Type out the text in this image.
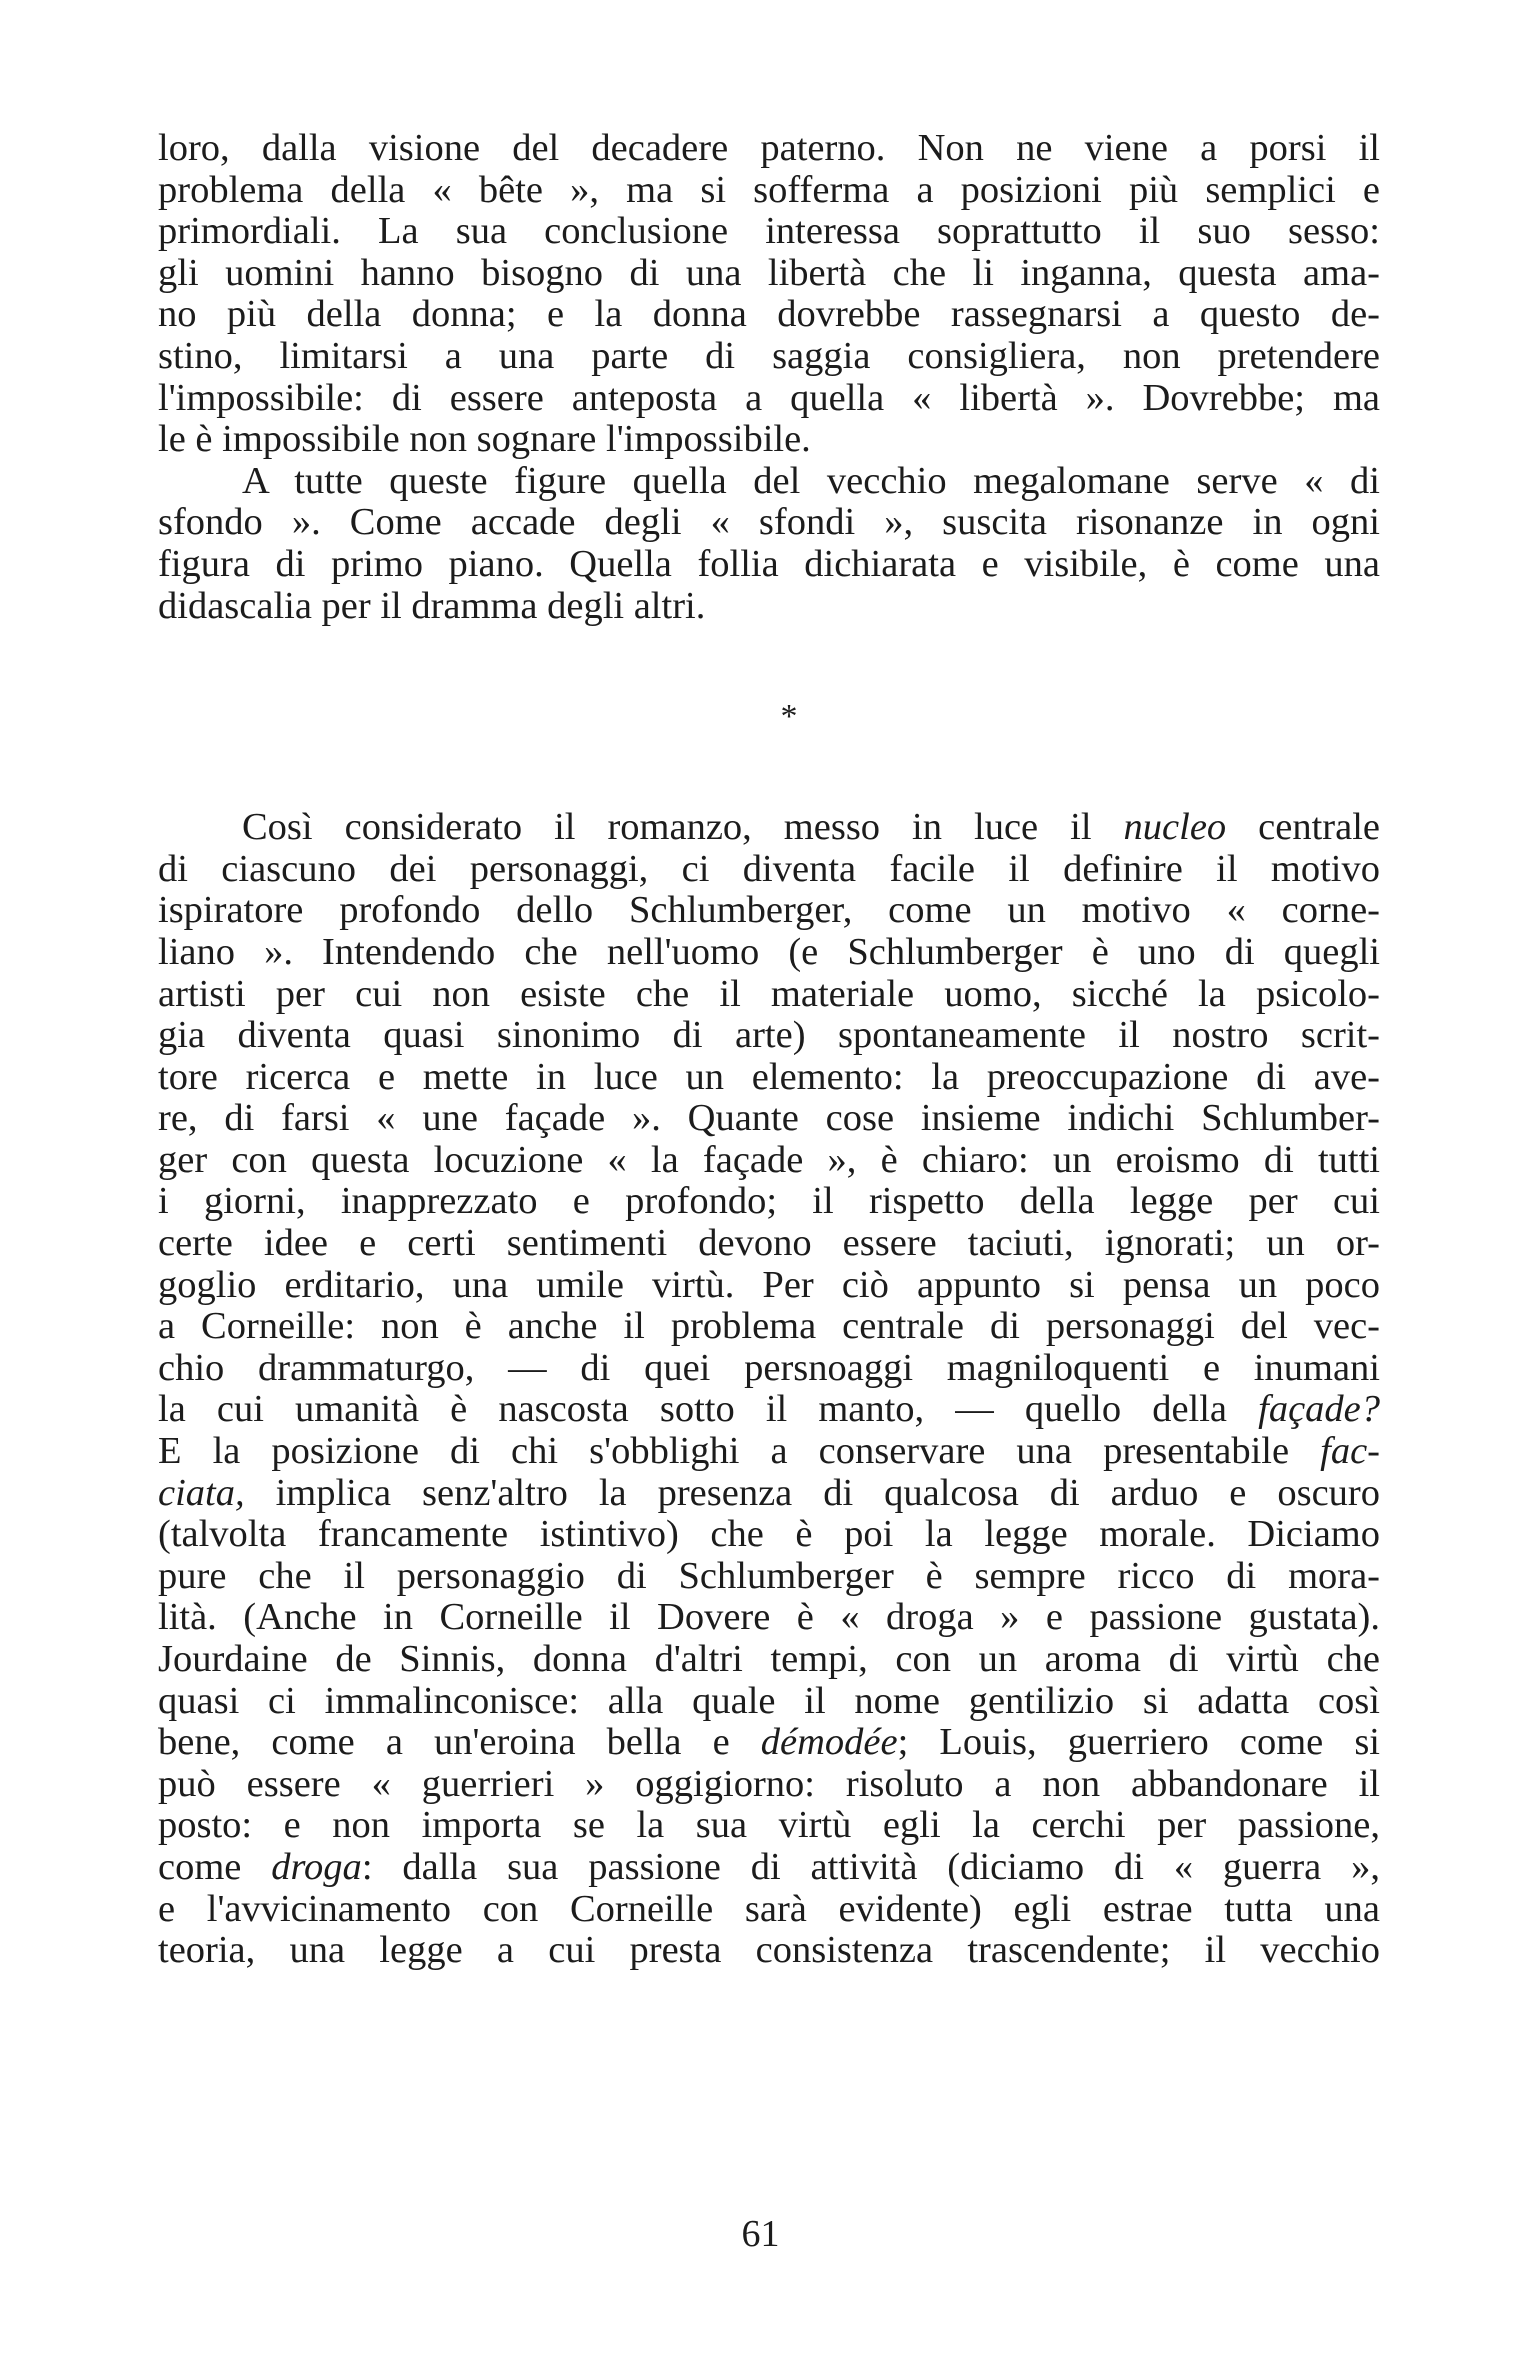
loro, dalla visione del decadere paterno. Non ne viene a porsi il
problema della « bête », ma si sofferma a posizioni più semplici e
primordiali. La sua conclusione interessa soprattutto il suo sesso:
gli uomini hanno bisogno di una libertà che li inganna, questa ama-
no più della donna; e la donna dovrebbe rassegnarsi a questo de-
stino, limitarsi a una parte di saggia consigliera, non pretendere
l'impossibile: di essere anteposta a quella « libertà ». Dovrebbe; ma
le è impossibile non sognare l'impossibile.
A tutte queste figure quella del vecchio megalomane serve « di
sfondo ». Come accade degli « sfondi », suscita risonanze in ogni
figura di primo piano. Quella follia dichiarata e visibile, è come una
didascalia per il dramma degli altri.
*
Così considerato il romanzo, messo in luce il nucleo centrale
di ciascuno dei personaggi, ci diventa facile il definire il motivo
ispiratore profondo dello Schlumberger, come un motivo « corne-
liano ». Intendendo che nell'uomo (e Schlumberger è uno di quegli
artisti per cui non esiste che il materiale uomo, sicché la psicolo-
gia diventa quasi sinonimo di arte) spontaneamente il nostro scrit-
tore ricerca e mette in luce un elemento: la preoccupazione di ave-
re, di farsi « une façade ». Quante cose insieme indichi Schlumber-
ger con questa locuzione « la façade », è chiaro: un eroismo di tutti
i giorni, inapprezzato e profondo; il rispetto della legge per cui
certe idee e certi sentimenti devono essere taciuti, ignorati; un or-
goglio erditario, una umile virtù. Per ciò appunto si pensa un poco
a Corneille: non è anche il problema centrale di personaggi del vec-
chio drammaturgo, — di quei persnoaggi magniloquenti e inumani
la cui umanità è nascosta sotto il manto, — quello della façade?
E la posizione di chi s'obblighi a conservare una presentabile fac-
ciata, implica senz'altro la presenza di qualcosa di arduo e oscuro
(talvolta francamente istintivo) che è poi la legge morale. Diciamo
pure che il personaggio di Schlumberger è sempre ricco di mora-
lità. (Anche in Corneille il Dovere è « droga » e passione gustata).
Jourdaine de Sinnis, donna d'altri tempi, con un aroma di virtù che
quasi ci immalinconisce: alla quale il nome gentilizio si adatta così
bene, come a un'eroina bella e démodée; Louis, guerriero come si
può essere « guerrieri » oggigiorno: risoluto a non abbandonare il
posto: e non importa se la sua virtù egli la cerchi per passione,
come droga: dalla sua passione di attività (diciamo di « guerra »,
e l'avvicinamento con Corneille sarà evidente) egli estrae tutta una
teoria, una legge a cui presta consistenza trascendente; il vecchio
61
